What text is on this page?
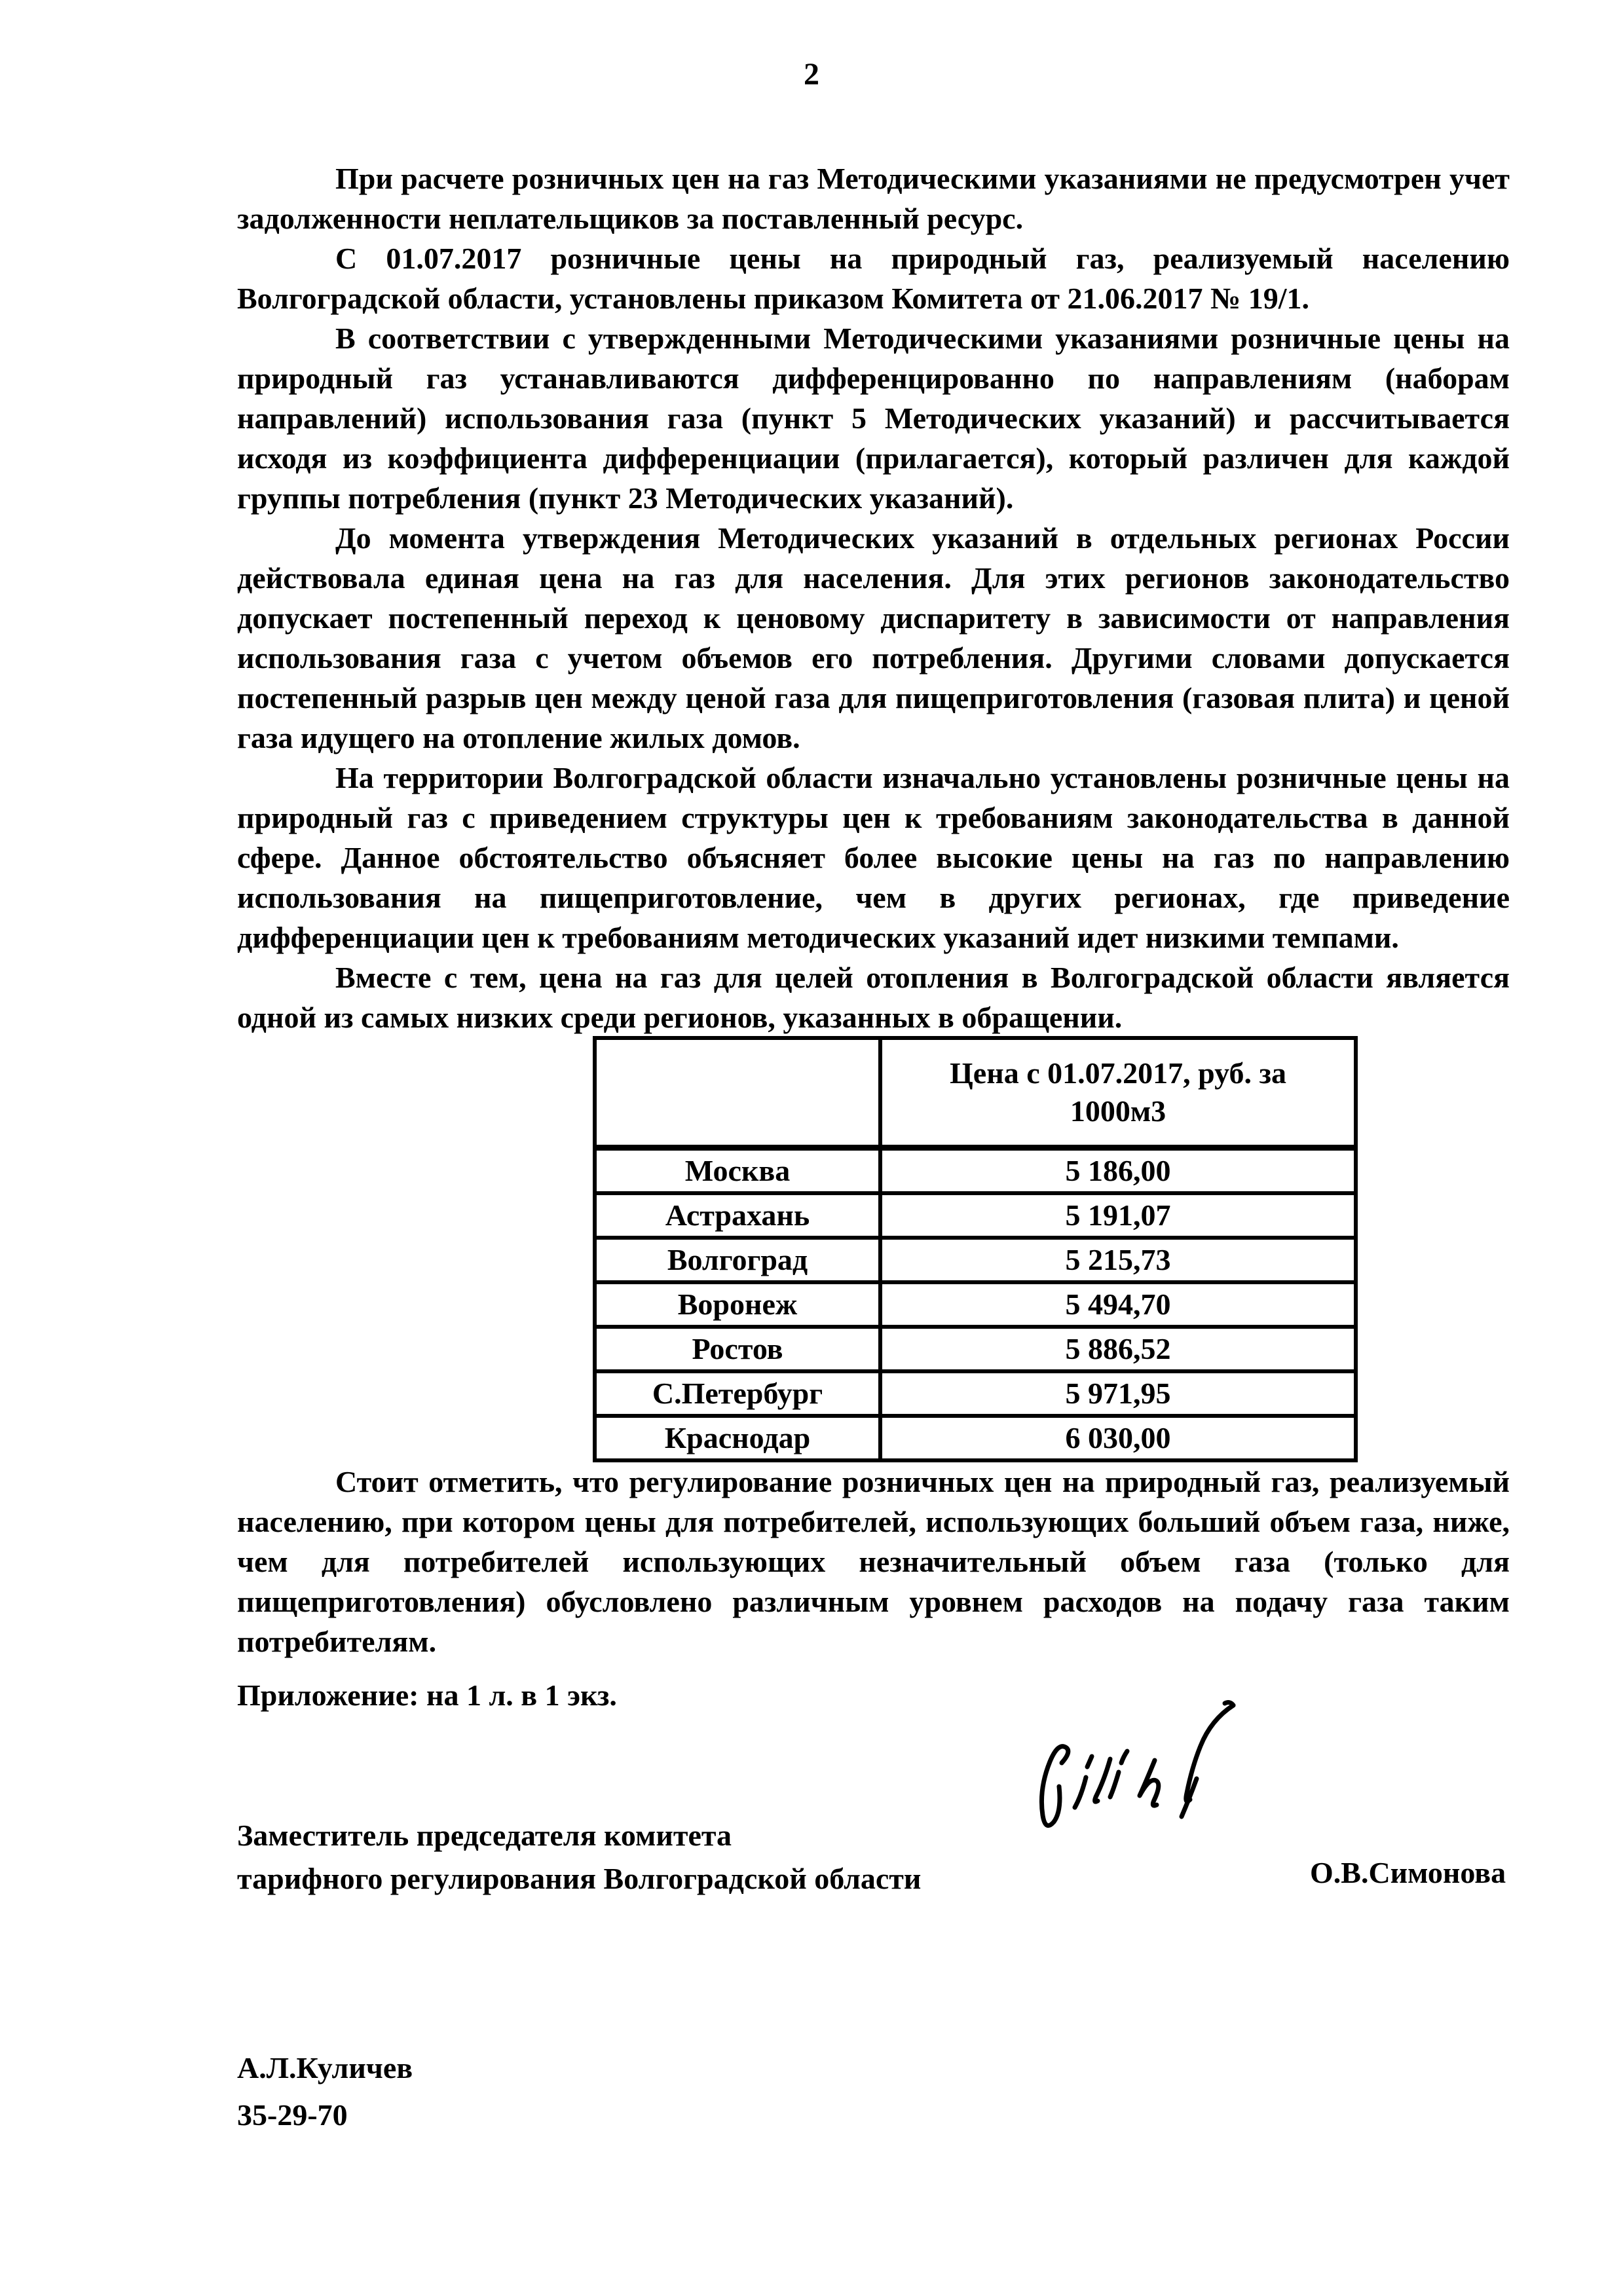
2

При расчете розничных цен на газ Методическими указаниями не предусмотрен учет задолженности неплательщиков за поставленный ресурс.

С 01.07.2017 розничные цены на природный газ, реализуемый населению Волгоградской области, установлены приказом Комитета от 21.06.2017 № 19/1.

В соответствии с утвержденными Методическими указаниями розничные цены на природный газ устанавливаются дифференцированно по направлениям (наборам направлений) использования газа (пункт 5 Методических указаний) и рассчитывается исходя из коэффициента дифференциации (прилагается), который различен для каждой группы потребления (пункт 23 Методических указаний).

До момента утверждения Методических указаний в отдельных регионах России действовала единая цена на газ для населения. Для этих регионов законодательство допускает постепенный переход к ценовому диспаритету в зависимости от направления использования газа с учетом объемов его потребления. Другими словами допускается постепенный разрыв цен между ценой газа для пищеприготовления (газовая плита) и ценой газа идущего на отопление жилых домов.

На территории Волгоградской области изначально установлены розничные цены на природный газ с приведением структуры цен к требованиям законодательства в данной сфере. Данное обстоятельство объясняет более высокие цены на газ по направлению использования на пищеприготовление, чем в других регионах, где приведение дифференциации цен к требованиям методических указаний идет низкими темпами.

Вместе с тем, цена на газ для целей отопления в Волгоградской области является одной из самых низких среди регионов, указанных в обращении.

	Цена с 01.07.2017, руб. за 1000м3
Москва	5 186,00
Астрахань	5 191,07
Волгоград	5 215,73
Воронеж	5 494,70
Ростов	5 886,52
С.Петербург	5 971,95
Краснодар	6 030,00

Стоит отметить, что регулирование розничных цен на природный газ, реализуемый населению, при котором цены для потребителей, использующих больший объем газа, ниже, чем для потребителей использующих незначительный объем газа (только для пищеприготовления) обусловлено различным уровнем расходов на подачу газа таким потребителям.

Приложение: на 1 л. в 1 экз.
Заместитель председателя комитета
тарифного регулирования Волгоградской области	О.В.Симонова
А.Л.Куличев
35-29-70
